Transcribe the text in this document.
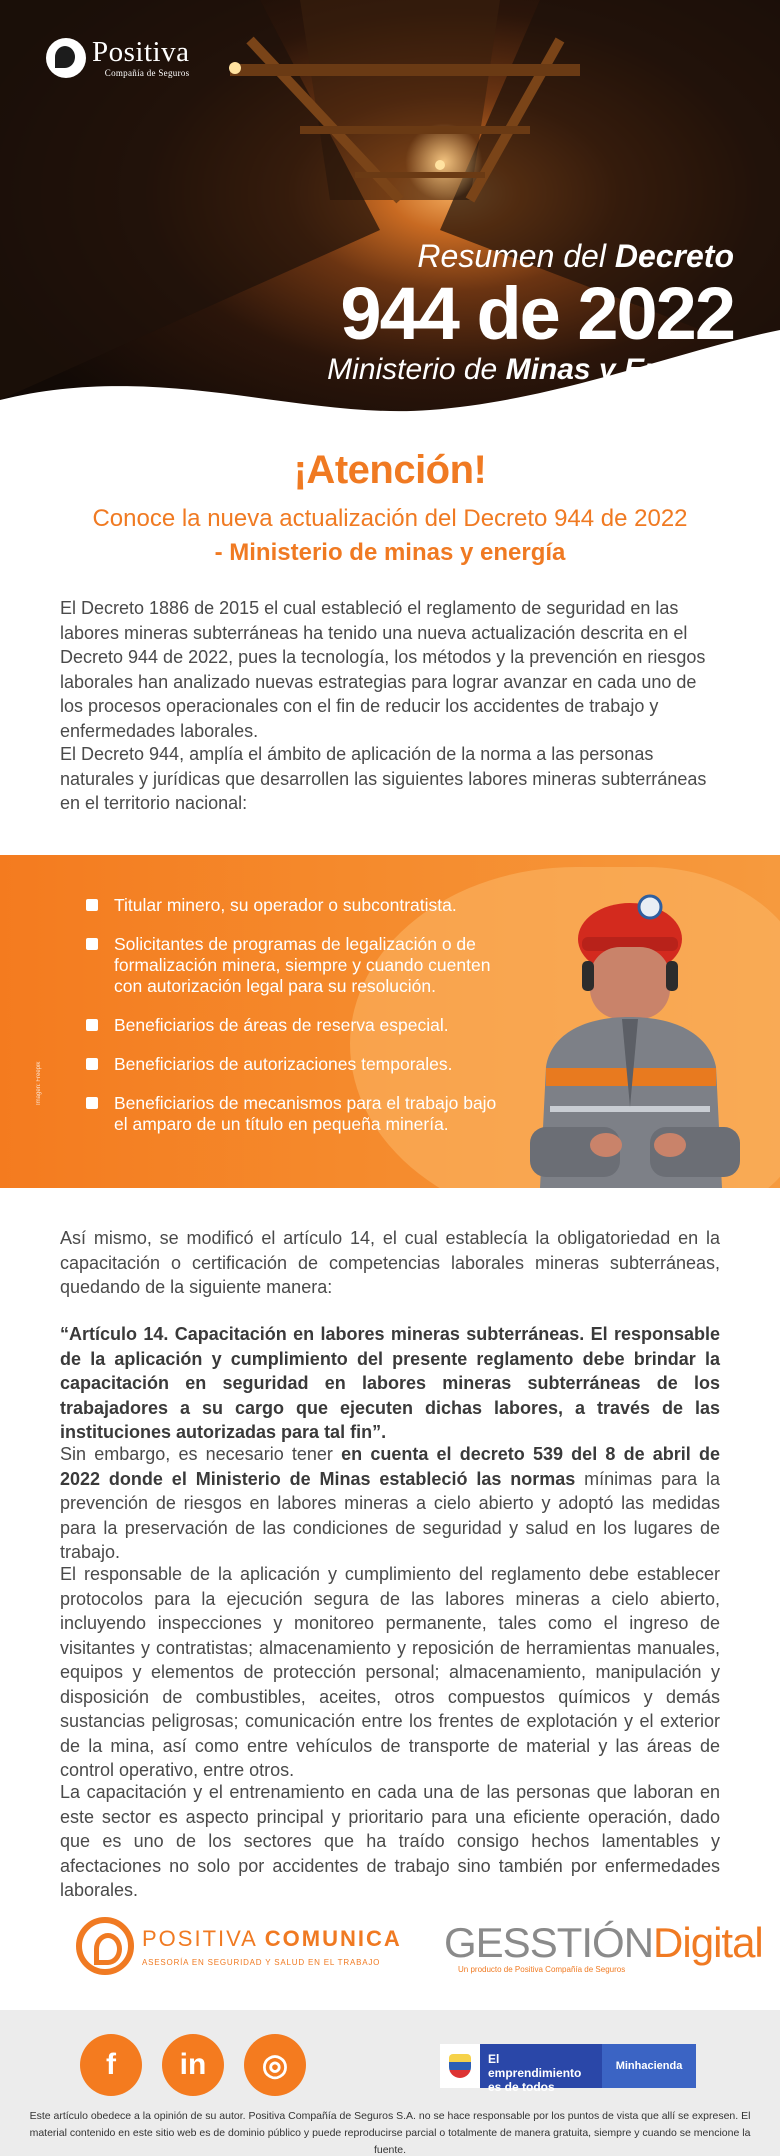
Positiva
Compañía de Seguros
Resumen del Decreto
944 de 2022
Ministerio de Minas y Energía
¡Atención!
Conoce la nueva actualización del Decreto 944 de 2022
- Ministerio de minas y energía

El Decreto 1886 de 2015 el cual estableció el reglamento de seguridad en las labores mineras subterráneas ha tenido una nueva actualización descrita en el Decreto 944 de 2022, pues la tecnología, los métodos y la prevención en riesgos laborales han analizado nuevas estrategias para lograr avanzar en cada uno de los procesos operacionales con el fin de reducir los accidentes de trabajo y enfermedades laborales.

El Decreto 944, amplía el ámbito de aplicación de la norma a las personas naturales y jurídicas que desarrollen las siguientes labores mineras subterráneas en el territorio nacional:

Imagen: Freepik
Titular minero, su operador o subcontratista.
Solicitantes de programas de legalización o de formalización minera, siempre y cuando cuenten con autorización legal para su resolución.
Beneficiarios de áreas de reserva especial.
Beneficiarios de autorizaciones temporales.
Beneficiarios de mecanismos para el trabajo bajo el amparo de un título en pequeña minería.

Así mismo, se modificó el artículo 14, el cual establecía la obligatoriedad en la capacitación o certificación de competencias laborales mineras subterráneas, quedando de la siguiente manera:

“Artículo 14. Capacitación en labores mineras subterráneas. El responsable de la aplicación y cumplimiento del presente reglamento debe brindar la capacitación en seguridad en labores mineras subterráneas de los trabajadores a su cargo que ejecuten dichas labores, a través de las instituciones autorizadas para tal fin”.

Sin embargo, es necesario tener en cuenta el decreto 539 del 8 de abril de 2022 donde el Ministerio de Minas estableció las normas mínimas para la prevención de riesgos en labores mineras a cielo abierto y adoptó las medidas para la preservación de las condiciones de seguridad y salud en los lugares de trabajo.

El responsable de la aplicación y cumplimiento del reglamento debe establecer protocolos para la ejecución segura de las labores mineras a cielo abierto, incluyendo inspecciones y monitoreo permanente, tales como el ingreso de visitantes y contratistas; almacenamiento y reposición de herramientas manuales, equipos y elementos de protección personal; almacenamiento, manipulación y disposición de combustibles, aceites, otros compuestos químicos y demás sustancias peligrosas; comunicación entre los frentes de explotación y el exterior de la mina, así como entre vehículos de transporte de material y las áreas de control operativo, entre otros.

La capacitación y el entrenamiento en cada una de las personas que laboran en este sector es aspecto principal y prioritario para una eficiente operación, dado que es uno de los sectores que ha traído consigo hechos lamentables y afectaciones no solo por accidentes de trabajo sino también por enfermedades laborales.

POSITIVA COMUNICA
ASESORÍA EN SEGURIDAD Y SALUD EN EL TRABAJO	GESSTIÓNDigital
Un producto de Positiva Compañía de Seguros
f	in	◎	El emprendimiento es de todos
Minhacienda

Este artículo obedece a la opinión de su autor. Positiva Compañía de Seguros S.A. no se hace responsable por los puntos de vista que allí se expresen. El material contenido en este sitio web es de dominio público y puede reproducirse parcial o totalmente de manera gratuita, siempre y cuando se mencione la fuente.
